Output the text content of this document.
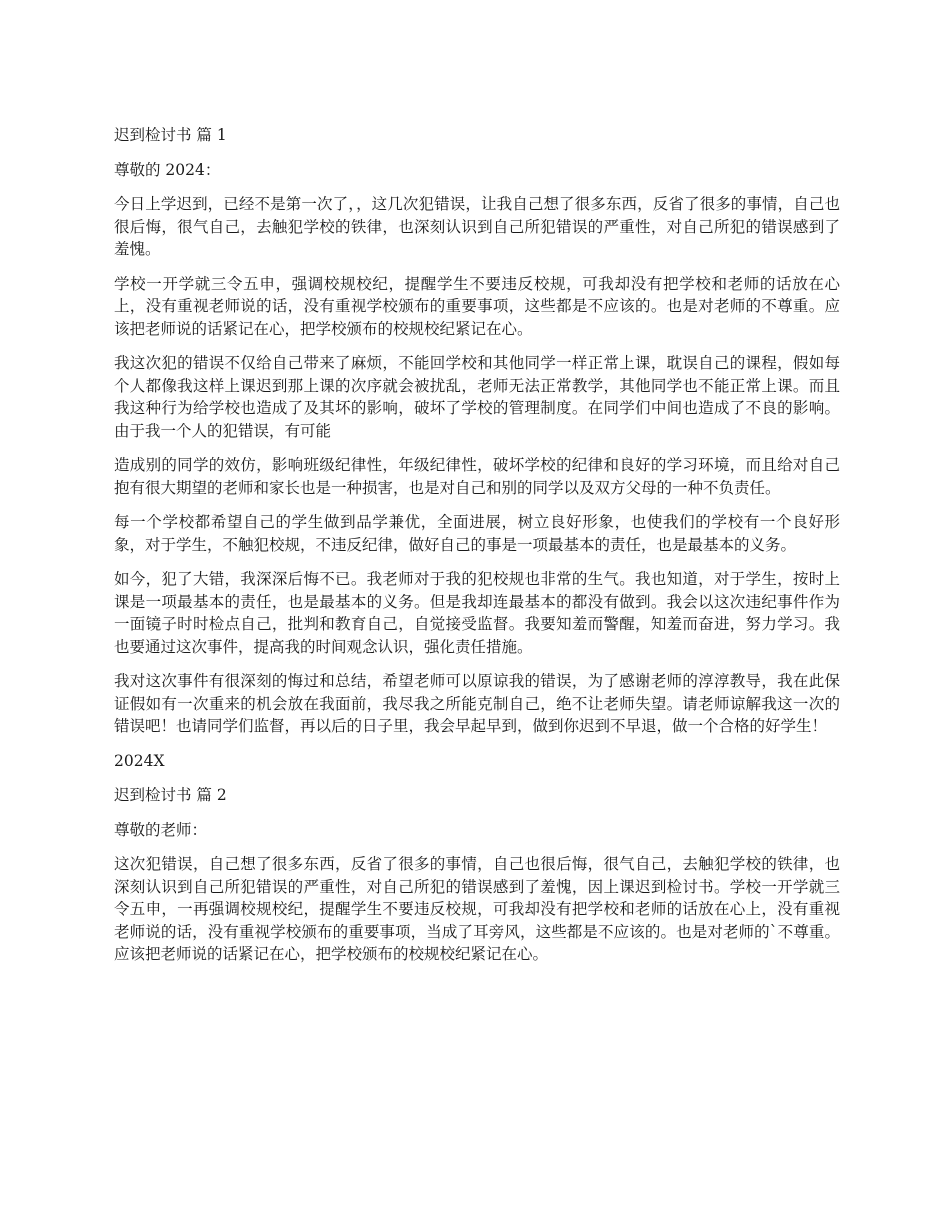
迟到检讨书 篇 1
尊敬的 2024：

今日上学迟到，已经不是第一次了，，这几次犯错误，让我自己想了很多东西，反省了很多的事情，自己也很后悔，很气自己，去触犯学校的铁律，也深刻认识到自己所犯错误的严重性，对自己所犯的错误感到了羞愧。

学校一开学就三令五申，强调校规校纪，提醒学生不要违反校规，可我却没有把学校和老师的话放在心上，没有重视老师说的话，没有重视学校颁布的重要事项，这些都是不应该的。也是对老师的不尊重。应该把老师说的话紧记在心，把学校颁布的校规校纪紧记在心。

我这次犯的错误不仅给自己带来了麻烦，不能回学校和其他同学一样正常上课，耽误自己的课程，假如每个人都像我这样上课迟到那上课的次序就会被扰乱，老师无法正常教学，其他同学也不能正常上课。而且我这种行为给学校也造成了及其坏的影响，破坏了学校的管理制度。在同学们中间也造成了不良的影响。由于我一个人的犯错误，有可能

造成别的同学的效仿，影响班级纪律性，年级纪律性，破坏学校的纪律和良好的学习环境，而且给对自己抱有很大期望的老师和家长也是一种损害，也是对自己和别的同学以及双方父母的一种不负责任。

每一个学校都希望自己的学生做到品学兼优，全面进展，树立良好形象，也使我们的学校有一个良好形象，对于学生，不触犯校规，不违反纪律，做好自己的事是一项最基本的责任，也是最基本的义务。

如今，犯了大错，我深深后悔不已。我老师对于我的犯校规也非常的生气。我也知道，对于学生，按时上课是一项最基本的责任，也是最基本的义务。但是我却连最基本的都没有做到。我会以这次违纪事件作为一面镜子时时检点自己，批判和教育自己，自觉接受监督。我要知羞而警醒，知羞而奋进，努力学习。我也要通过这次事件，提高我的时间观念认识，强化责任措施。

我对这次事件有很深刻的悔过和总结，希望老师可以原谅我的错误，为了感谢老师的淳淳教导，我在此保证假如有一次重来的机会放在我面前，我尽我之所能克制自己，绝不让老师失望。请老师谅解我这一次的错误吧！也请同学们监督，再以后的日子里，我会早起早到，做到你迟到不早退，做一个合格的好学生！

2024X
迟到检讨书 篇 2
尊敬的老师：

这次犯错误，自己想了很多东西，反省了很多的事情，自己也很后悔，很气自己，去触犯学校的铁律，也深刻认识到自己所犯错误的严重性，对自己所犯的错误感到了羞愧，因上课迟到检讨书。学校一开学就三令五申，一再强调校规校纪，提醒学生不要违反校规，可我却没有把学校和老师的话放在心上，没有重视老师说的话，没有重视学校颁布的重要事项，当成了耳旁风，这些都是不应该的。也是对老师的`不尊重。应该把老师说的话紧记在心，把学校颁布的校规校纪紧记在心。
